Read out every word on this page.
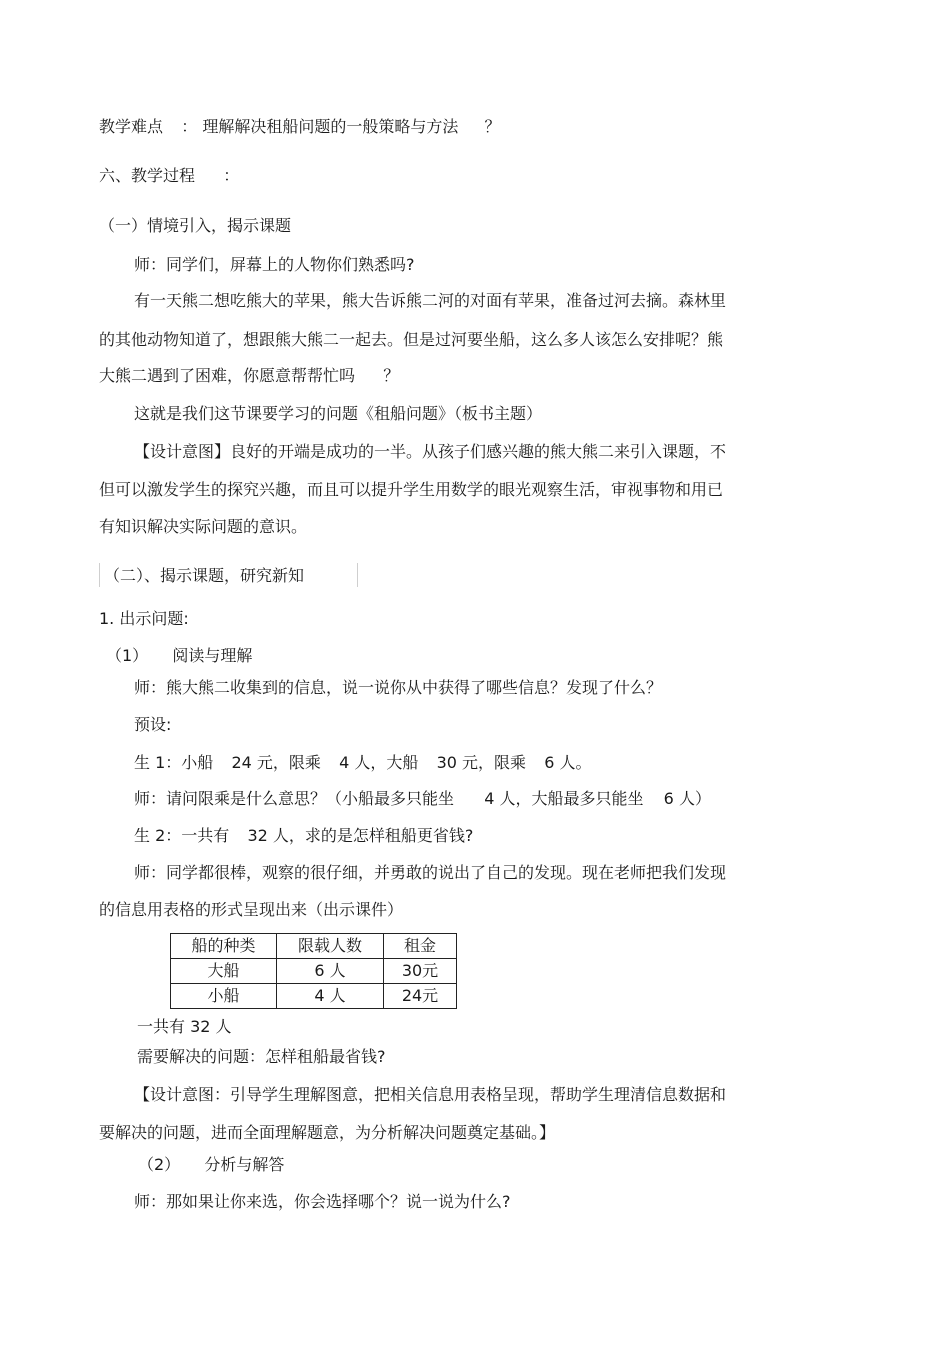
教学难点 ： 理解解决租船问题的一般策略与方法 ？
六、教学过程 ：
（一）情境引入，揭示课题
师：同学们，屏幕上的人物你们熟悉吗?
有一天熊二想吃熊大的苹果，熊大告诉熊二河的对面有苹果，准备过河去摘。森林里
的其他动物知道了，想跟熊大熊二一起去。但是过河要坐船，这么多人该怎么安排呢？熊
大熊二遇到了困难，你愿意帮帮忙吗 ？
这就是我们这节课要学习的问题《租船问题》（板书主题）
【设计意图】良好的开端是成功的一半。从孩子们感兴趣的熊大熊二来引入课题，不
但可以激发学生的探究兴趣，而且可以提升学生用数学的眼光观察生活，审视事物和用已
有知识解决实际问题的意识。
（二）、揭示课题，研究新知
1. 出示问题:
（1） 阅读与理解
师：熊大熊二收集到的信息，说一说你从中获得了哪些信息？发现了什么？
预设:
生 1：小船 24 元，限乘 4 人，大船 30 元，限乘 6 人。
师：请问限乘是什么意思？（小船最多只能坐 4 人，大船最多只能坐 6 人）
生 2：一共有 32 人，求的是怎样租船更省钱?
师：同学都很棒，观察的很仔细，并勇敢的说出了自己的发现。现在老师把我们发现
的信息用表格的形式呈现出来（出示课件）
船的种类	限载人数	租金
大船	6 人	30元
小船	4 人	24元
一共有 32 人
需要解决的问题：怎样租船最省钱?
【设计意图：引导学生理解图意，把相关信息用表格呈现，帮助学生理清信息数据和
要解决的问题，进而全面理解题意，为分析解决问题奠定基础。】
（2） 分析与解答
师：那如果让你来选，你会选择哪个？说一说为什么?
